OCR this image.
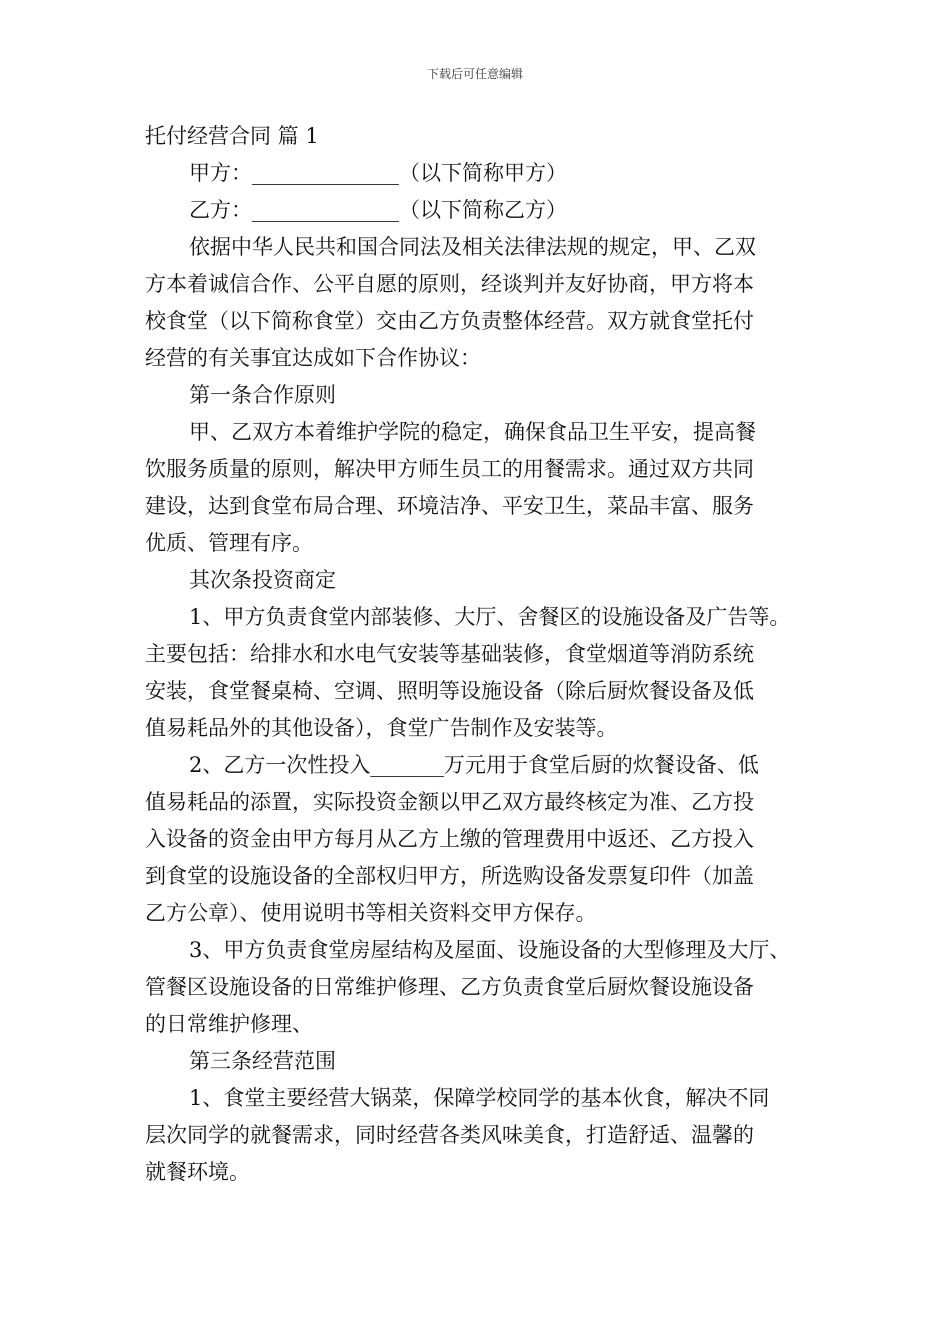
下载后可任意编辑
托付经营合同 篇 1
甲方：______________（以下简称甲方）
乙方：______________（以下简称乙方）
依据中华人民共和国合同法及相关法律法规的规定，甲、乙双
方本着诚信合作、公平自愿的原则，经谈判并友好协商，甲方将本
校食堂（以下简称食堂）交由乙方负责整体经营。双方就食堂托付
经营的有关事宜达成如下合作协议：
第一条合作原则
甲、乙双方本着维护学院的稳定，确保食品卫生平安，提高餐
饮服务质量的原则，解决甲方师生员工的用餐需求。通过双方共同
建设，达到食堂布局合理、环境洁净、平安卫生，菜品丰富、服务
优质、管理有序。
其次条投资商定
1、甲方负责食堂内部装修、大厅、舍餐区的设施设备及广告等。
主要包括：给排水和水电气安装等基础装修，食堂烟道等消防系统
安装，食堂餐桌椅、空调、照明等设施设备（除后厨炊餐设备及低
值易耗品外的其他设备），食堂广告制作及安装等。
2、乙方一次性投入_______万元用于食堂后厨的炊餐设备、低
值易耗品的添置，实际投资金额以甲乙双方最终核定为准、乙方投
入设备的资金由甲方每月从乙方上缴的管理费用中返还、乙方投入
到食堂的设施设备的全部权归甲方，所选购设备发票复印件（加盖
乙方公章）、使用说明书等相关资料交甲方保存。
3、甲方负责食堂房屋结构及屋面、设施设备的大型修理及大厅、
管餐区设施设备的日常维护修理、乙方负责食堂后厨炊餐设施设备
的日常维护修理、
第三条经营范围
1、食堂主要经营大锅菜，保障学校同学的基本伙食，解决不同
层次同学的就餐需求，同时经营各类风味美食，打造舒适、温馨的
就餐环境。
